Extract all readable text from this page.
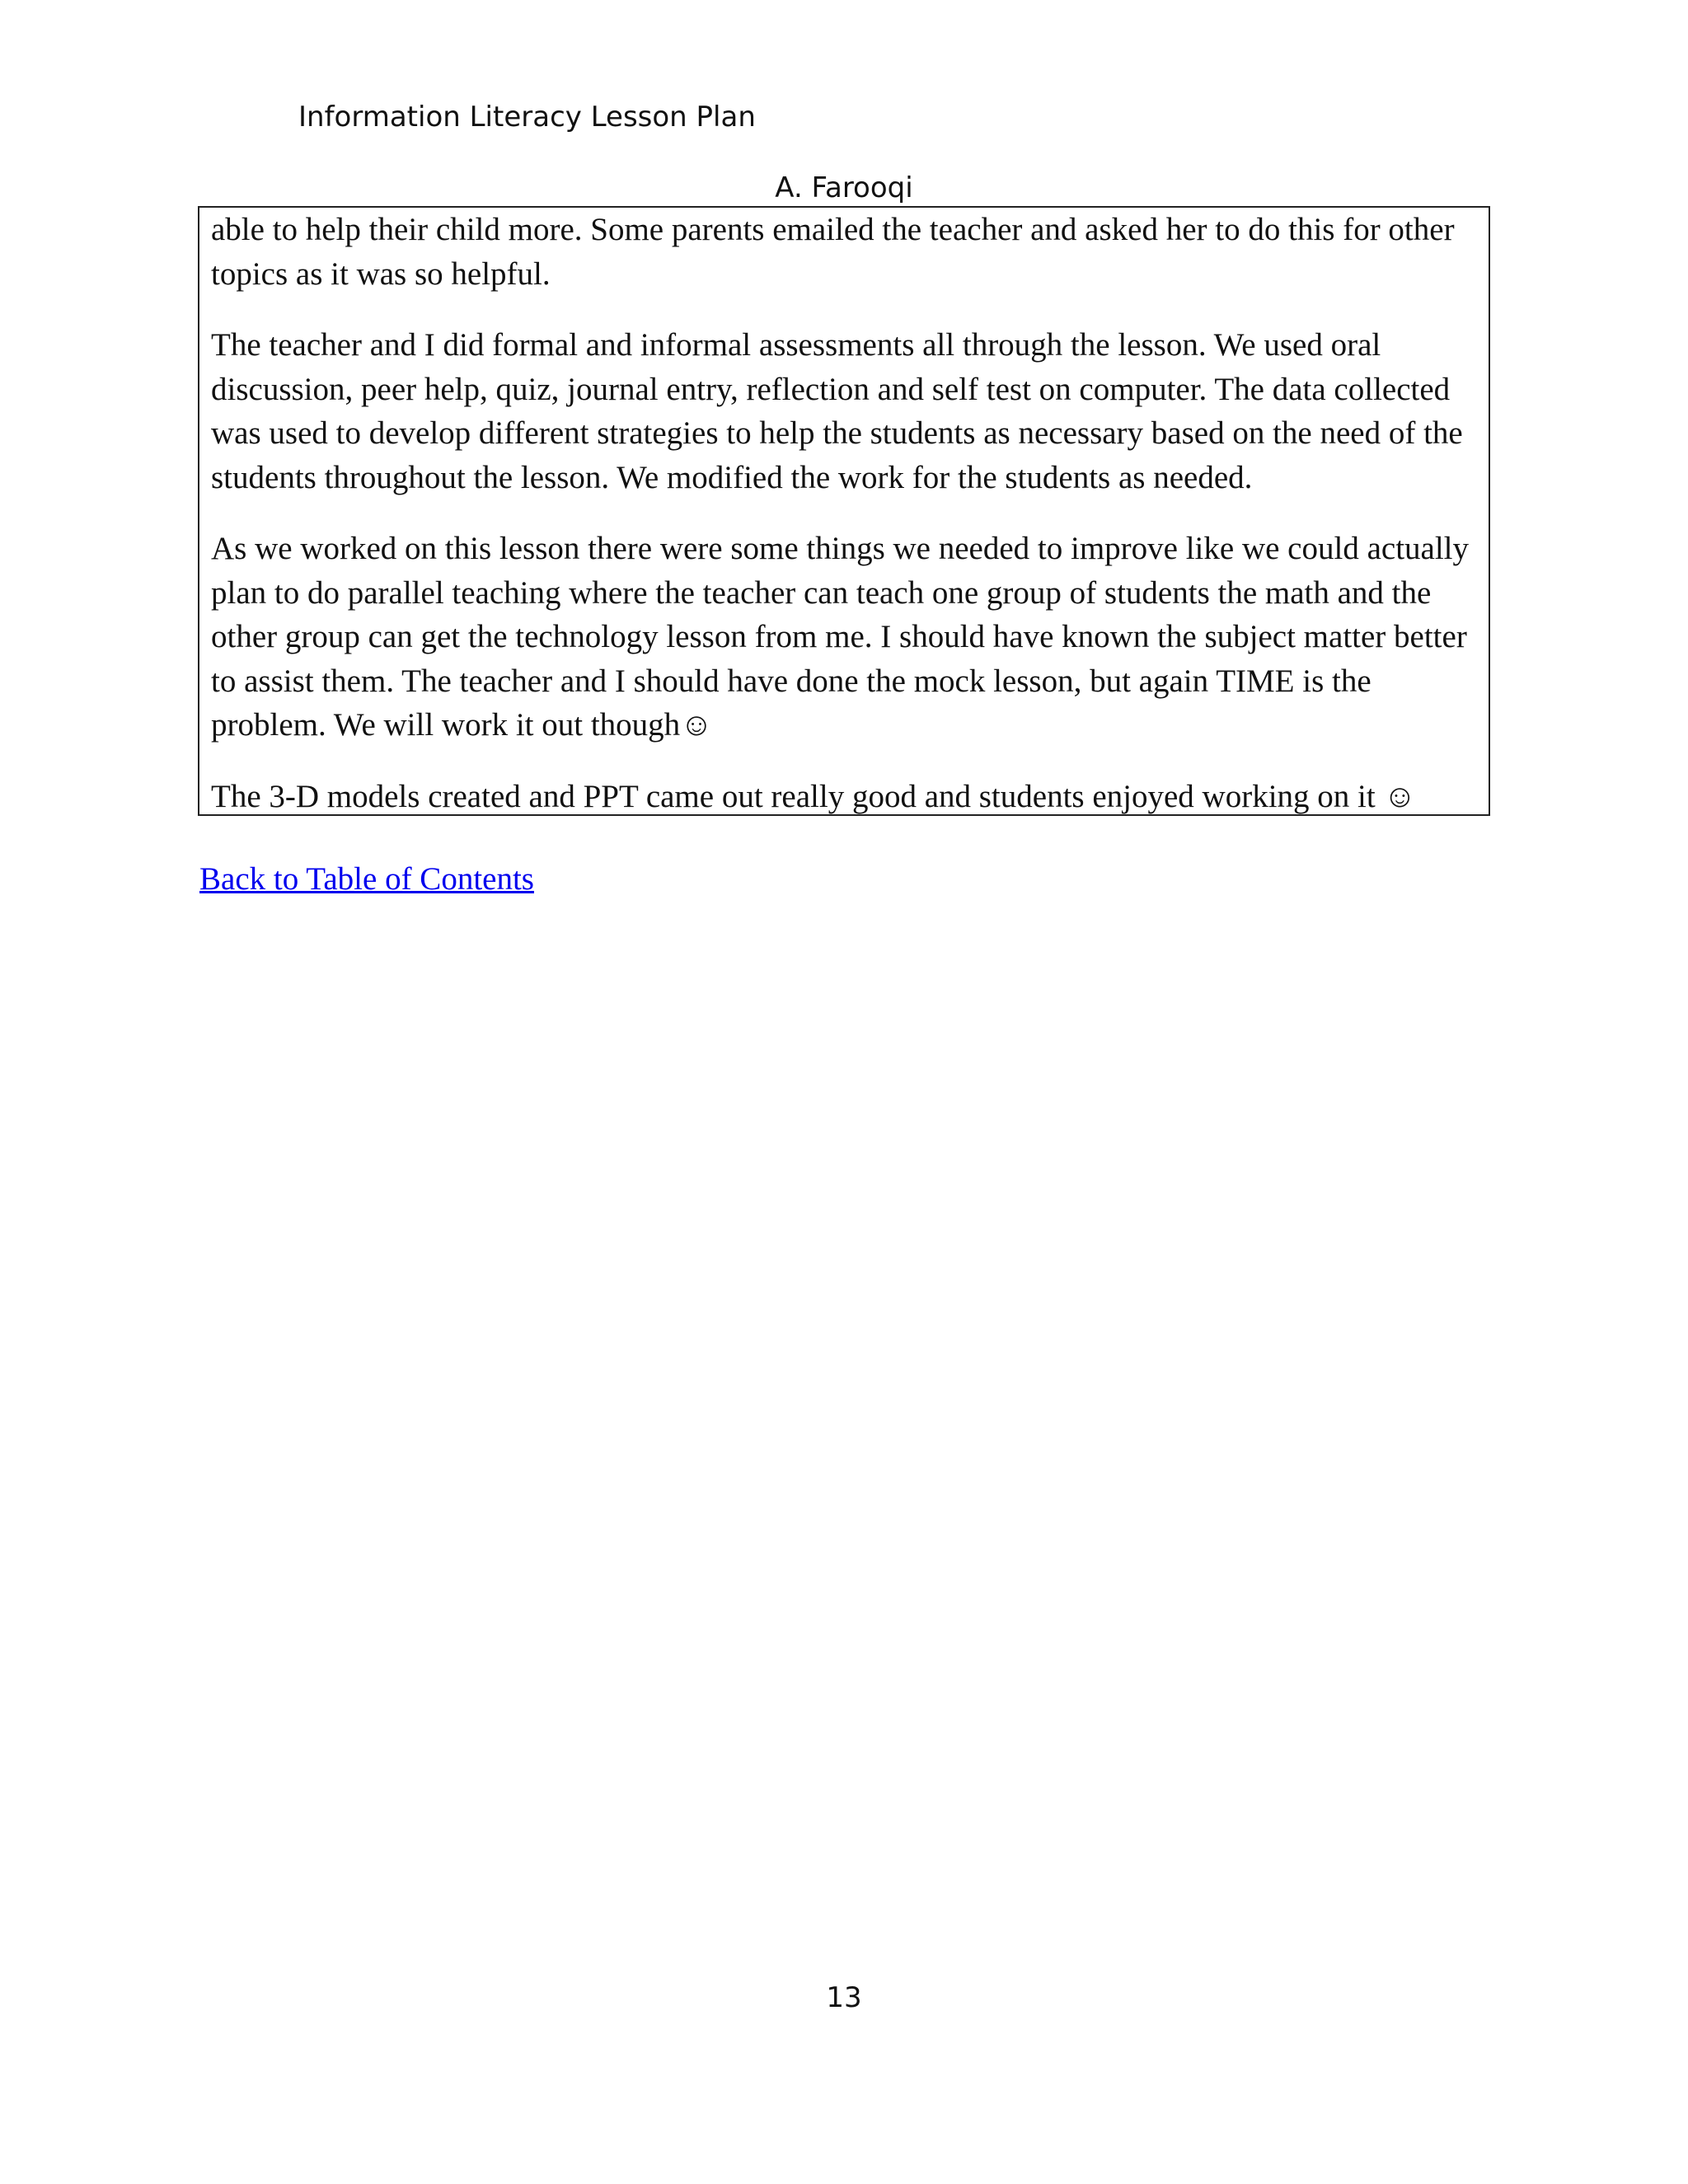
Information Literacy Lesson Plan
A. Farooqi

able to help their child more. Some parents emailed the teacher and asked her to do this for other topics as it was so helpful.

The teacher and I did formal and informal assessments all through the lesson. We used oral discussion, peer help, quiz, journal entry, reflection and self test on computer. The data collected was used to develop different strategies to help the students as necessary based on the need of the students throughout the lesson. We modified the work for the students as needed.

As we worked on this lesson there were some things we needed to improve like we could actually plan to do parallel teaching where the teacher can teach one group of students the math and the other group can get the technology lesson from me. I should have known the subject matter better to assist them. The teacher and I should have done the mock lesson, but again TIME is the problem. We will work it out though☺

The 3-D models created and PPT came out really good and students enjoyed working on it ☺

Back to Table of Contents
13
